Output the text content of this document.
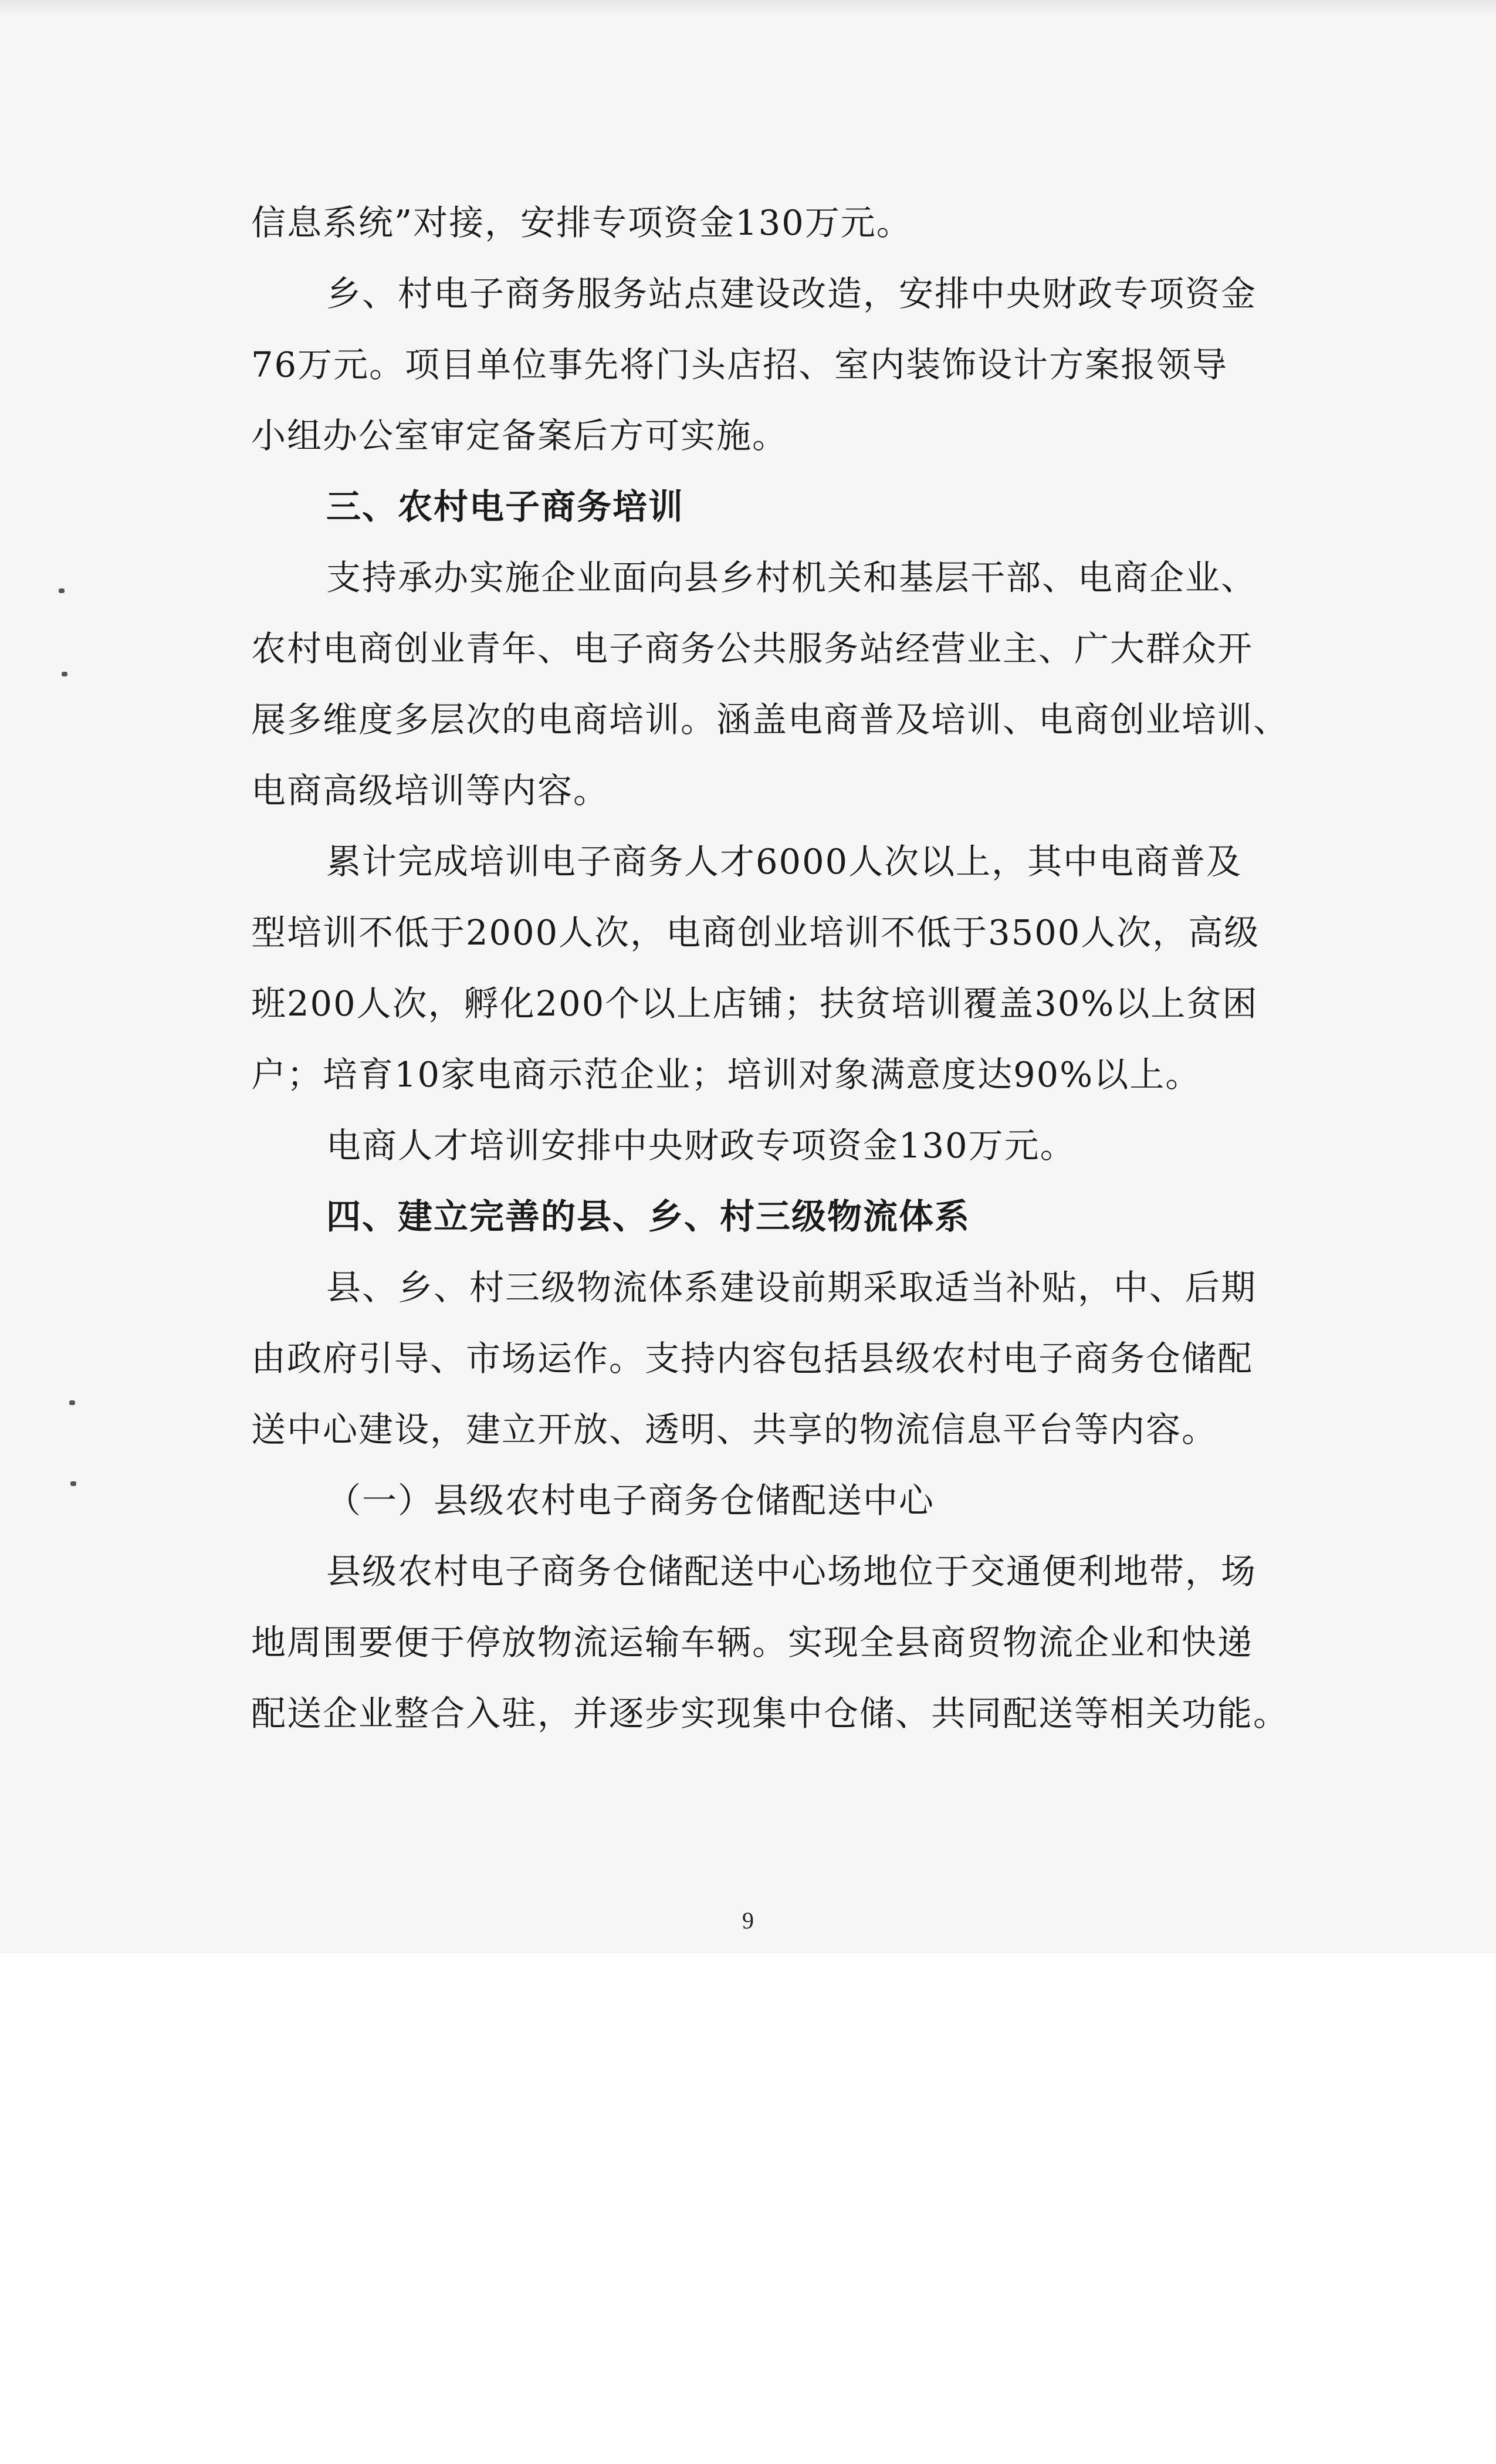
信息系统”对接，安排专项资金130万元。
乡、村电子商务服务站点建设改造，安排中央财政专项资金
76万元。项目单位事先将门头店招、室内装饰设计方案报领导
小组办公室审定备案后方可实施。
三、农村电子商务培训
支持承办实施企业面向县乡村机关和基层干部、电商企业、
农村电商创业青年、电子商务公共服务站经营业主、广大群众开
展多维度多层次的电商培训。涵盖电商普及培训、电商创业培训、
电商高级培训等内容。
累计完成培训电子商务人才6000人次以上，其中电商普及
型培训不低于2000人次，电商创业培训不低于3500人次，高级
班200人次，孵化200个以上店铺；扶贫培训覆盖30%以上贫困
户；培育10家电商示范企业；培训对象满意度达90%以上。
电商人才培训安排中央财政专项资金130万元。
四、建立完善的县、乡、村三级物流体系
县、乡、村三级物流体系建设前期采取适当补贴，中、后期
由政府引导、市场运作。支持内容包括县级农村电子商务仓储配
送中心建设，建立开放、透明、共享的物流信息平台等内容。
（一）县级农村电子商务仓储配送中心
县级农村电子商务仓储配送中心场地位于交通便利地带，场
地周围要便于停放物流运输车辆。实现全县商贸物流企业和快递
配送企业整合入驻，并逐步实现集中仓储、共同配送等相关功能。
9
